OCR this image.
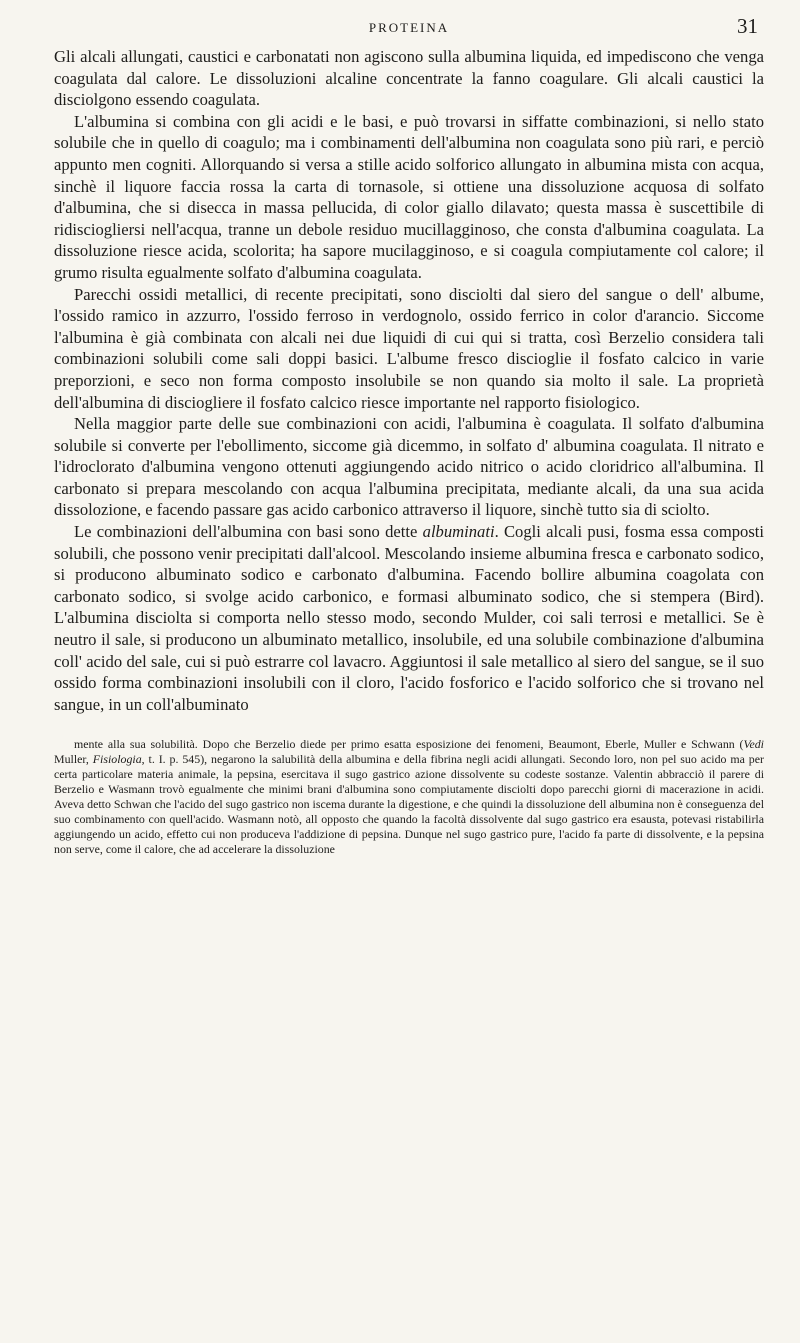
PROTEINA	31

Gli alcali allungati, caustici e carbonatati non agiscono sulla albumina liquida, ed impediscono che venga coagulata dal calore. Le dissoluzioni alcaline concentrate la fanno coagulare. Gli alcali caustici la disciolgono essendo coagulata.

L'albumina si combina con gli acidi e le basi, e può trovarsi in siffatte combinazioni, si nello stato solubile che in quello di coagulo; ma i combinamenti dell'albumina non coagulata sono più rari, e perciò appunto men cogniti. Allorquando si versa a stille acido solforico allungato in albumina mista con acqua, sinchè il liquore faccia rossa la carta di tornasole, si ottiene una dissoluzione acquosa di solfato d'albumina, che si disecca in massa pellucida, di color giallo dilavato; questa massa è suscettibile di ridisciogliersi nell'acqua, tranne un debole residuo mucillagginoso, che consta d'albumina coagulata. La dissoluzione riesce acida, scolorita; ha sapore mucilagginoso, e si coagula compiutamente col calore; il grumo risulta egualmente solfato d'albumina coagulata.

Parecchi ossidi metallici, di recente precipitati, sono disciolti dal siero del sangue o dell' albume, l'ossido ramico in azzurro, l'ossido ferroso in verdognolo, ossido ferrico in color d'arancio. Siccome l'albumina è già combinata con alcali nei due liquidi di cui qui si tratta, così Berzelio considera tali combinazioni solubili come sali doppi basici. L'albume fresco discioglie il fosfato calcico in varie preporzioni, e seco non forma composto insolubile se non quando sia molto il sale. La proprietà dell'albumina di disciogliere il fosfato calcico riesce importante nel rapporto fisiologico.

Nella maggior parte delle sue combinazioni con acidi, l'albumina è coagulata. Il solfato d'albumina solubile si converte per l'ebollimento, siccome già dicemmo, in solfato d' albumina coagulata. Il nitrato e l'idroclorato d'albumina vengono ottenuti aggiungendo acido nitrico o acido cloridrico all'albumina. Il carbonato si prepara mescolando con acqua l'albumina precipitata, mediante alcali, da una sua acida dissolozione, e facendo passare gas acido carbonico attraverso il liquore, sinchè tutto sia di sciolto.

Le combinazioni dell'albumina con basi sono dette albuminati. Cogli alcali pusi, fosma essa composti solubili, che possono venir precipitati dall'alcool. Mescolando insieme albumina fresca e carbonato sodico, si producono albuminato sodico e carbonato d'albumina. Facendo bollire albumina coagolata con carbonato sodico, si svolge acido carbonico, e formasi albuminato sodico, che si stempera (Bird). L'albumina disciolta si comporta nello stesso modo, secondo Mulder, coi sali terrosi e metallici. Se è neutro il sale, si producono un albuminato metallico, insolubile, ed una solubile combinazione d'albumina coll' acido del sale, cui si può estrarre col lavacro. Aggiuntosi il sale metallico al siero del sangue, se il suo ossido forma combinazioni insolubili con il cloro, l'acido fosforico e l'acido solforico che si trovano nel sangue, in un coll'albuminato

mente alla sua solubilità. Dopo che Berzelio diede per primo esatta esposizione dei fenomeni, Beaumont, Eberle, Muller e Schwann (Vedi Muller, Fisiologia, t. I. p. 545), negarono la salubilità della albumina e della fibrina negli acidi allungati. Secondo loro, non pel suo acido ma per certa particolare materia animale, la pepsina, esercitava il sugo gastrico azione dissolvente su codeste sostanze. Valentin abbracciò il parere di Berzelio e Wasmann trovò egualmente che minimi brani d'albumina sono compiutamente disciolti dopo parecchi giorni di macerazione in acidi. Aveva detto Schwan che l'acido del sugo gastrico non iscema durante la digestione, e che quindi la dissoluzione dell albumina non è conseguenza del suo combinamento con quell'acido. Wasmann notò, all opposto che quando la facoltà dissolvente dal sugo gastrico era esausta, potevasi ristabilirla aggiungendo un acido, effetto cui non produceva l'addizione di pepsina. Dunque nel sugo gastrico pure, l'acido fa parte di dissolvente, e la pepsina non serve, come il calore, che ad accelerare la dissoluzione
